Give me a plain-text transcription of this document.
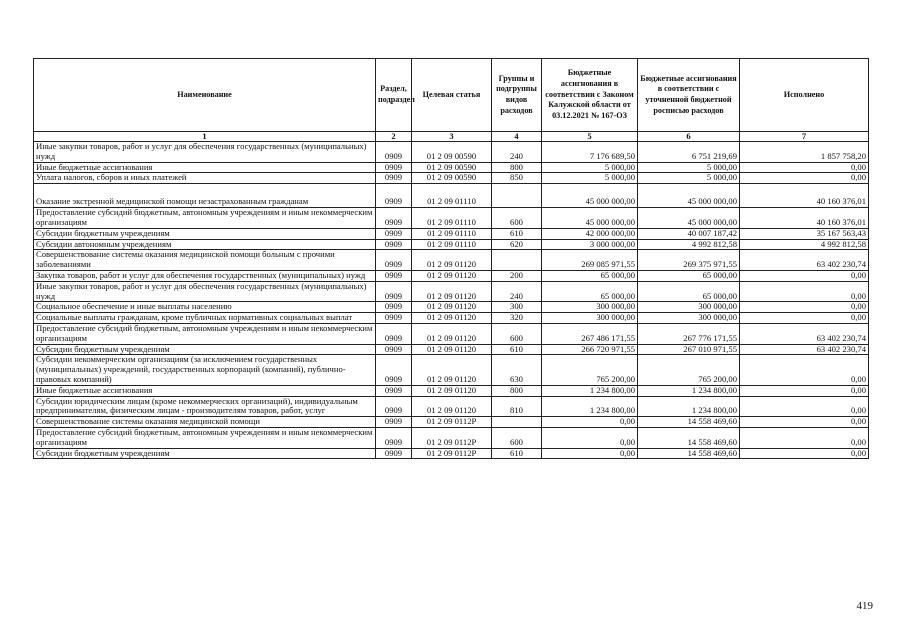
Наименование	Раздел, подраздел	Целевая статья	Группы и подгруппы видов расходов	Бюджетные ассигнования в соответствии с Законом Калужской области от 03.12.2021 № 167-ОЗ	Бюджетные ассигнования в соответствии с уточненной бюджетной росписью расходов	Исполнено
1	2	3	4	5	6	7
Иные закупки товаров, работ и услуг для обеспечения государственных (муниципальных) нужд	0909	01 2 09 00590	240	7 176 689,50	6 751 219,69	1 857 758,20
Иные бюджетные ассигнования	0909	01 2 09 00590	800	5 000,00	5 000,00	0,00
Уплата налогов, сборов и иных платежей	0909	01 2 09 00590	850	5 000,00	5 000,00	0,00
Оказание экстренной медицинской помощи незастрахованным гражданам	0909	01 2 09 01110		45 000 000,00	45 000 000,00	40 160 376,01
Предоставление субсидий бюджетным, автономным учреждениям и иным некоммерческим организациям	0909	01 2 09 01110	600	45 000 000,00	45 000 000,00	40 160 376,01
Субсидии бюджетным учреждениям	0909	01 2 09 01110	610	42 000 000,00	40 007 187,42	35 167 563,43
Субсидии автономным учреждениям	0909	01 2 09 01110	620	3 000 000,00	4 992 812,58	4 992 812,58
Совершенствование системы оказания медицинской помощи больным с прочими заболеваниями	0909	01 2 09 01120		269 085 971,55	269 375 971,55	63 402 230,74
Закупка товаров, работ и услуг для обеспечения государственных (муниципальных) нужд	0909	01 2 09 01120	200	65 000,00	65 000,00	0,00
Иные закупки товаров, работ и услуг для обеспечения государственных (муниципальных) нужд	0909	01 2 09 01120	240	65 000,00	65 000,00	0,00
Социальное обеспечение и иные выплаты населению	0909	01 2 09 01120	300	300 000,00	300 000,00	0,00
Социальные выплаты гражданам, кроме публичных нормативных социальных выплат	0909	01 2 09 01120	320	300 000,00	300 000,00	0,00
Предоставление субсидий бюджетным, автономным учреждениям и иным некоммерческим организациям	0909	01 2 09 01120	600	267 486 171,55	267 776 171,55	63 402 230,74
Субсидии бюджетным учреждениям	0909	01 2 09 01120	610	266 720 971,55	267 010 971,55	63 402 230,74
Субсидии некоммерческим организациям (за исключением государственных (муниципальных) учреждений, государственных корпораций (компаний), публично-правовых компаний)	0909	01 2 09 01120	630	765 200,00	765 200,00	0,00
Иные бюджетные ассигнования	0909	01 2 09 01120	800	1 234 800,00	1 234 800,00	0,00
Субсидии юридическим лицам (кроме некоммерческих организаций), индивидуальным предпринимателям, физическим лицам - производителям товаров, работ, услуг	0909	01 2 09 01120	810	1 234 800,00	1 234 800,00	0,00
Совершенствование системы оказания медицинской помощи	0909	01 2 09 0112Р		0,00	14 558 469,60	0,00
Предоставление субсидий бюджетным, автономным учреждениям и иным некоммерческим организациям	0909	01 2 09 0112Р	600	0,00	14 558 469,60	0,00
Субсидии бюджетным учреждениям	0909	01 2 09 0112Р	610	0,00	14 558 469,60	0,00
419
